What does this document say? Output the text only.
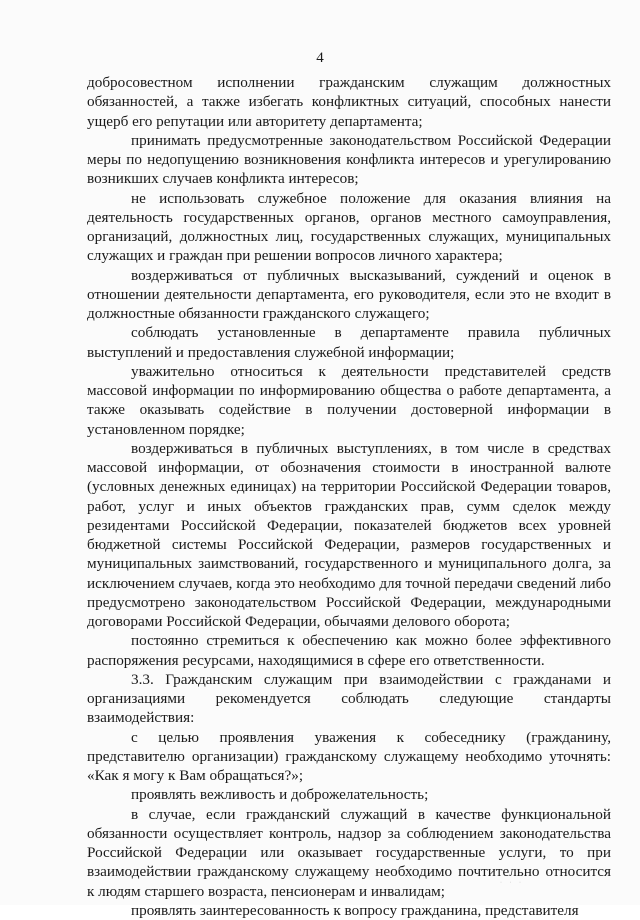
4

добросовестном исполнении гражданским служащим должностных обязанностей, а также избегать конфликтных ситуаций, способных нанести ущерб его репутации или авторитету департамента;

принимать предусмотренные законодательством Российской Федерации меры по недопущению возникновения конфликта интересов и урегулированию возникших случаев конфликта интересов;

не использовать служебное положение для оказания влияния на деятельность государственных органов, органов местного самоуправления, организаций, должностных лиц, государственных служащих, муниципальных служащих и граждан при решении вопросов личного характера;

воздерживаться от публичных высказываний, суждений и оценок в отношении деятельности департамента, его руководителя, если это не входит в должностные обязанности гражданского служащего;

соблюдать установленные в департаменте правила публичных выступлений и предоставления служебной информации;

уважительно относиться к деятельности представителей средств массовой информации по информированию общества о работе департамента, а также оказывать содействие в получении достоверной информации в установленном порядке;

воздерживаться в публичных выступлениях, в том числе в средствах массовой информации, от обозначения стоимости в иностранной валюте (условных денежных единицах) на территории Российской Федерации товаров, работ, услуг и иных объектов гражданских прав, сумм сделок между резидентами Российской Федерации, показателей бюджетов всех уровней бюджетной системы Российской Федерации, размеров государственных и муниципальных заимствований, государственного и муниципального долга, за исключением случаев, когда это необходимо для точной передачи сведений либо предусмотрено законодательством Российской Федерации, международными договорами Российской Федерации, обычаями делового оборота;

постоянно стремиться к обеспечению как можно более эффективного распоряжения ресурсами, находящимися в сфере его ответственности.

3.3. Гражданским служащим при взаимодействии с гражданами и организациями рекомендуется соблюдать следующие стандарты взаимодействия:

с целью проявления уважения к собеседнику (гражданину, представителю организации) гражданскому служащему необходимо уточнять: «Как я могу к Вам обращаться?»;

проявлять вежливость и доброжелательность;

в случае, если гражданский служащий в качестве функциональной обязанности осуществляет контроль, надзор за соблюдением законодательства Российской Федерации или оказывает государственные услуги, то при взаимодействии гражданскому служащему необходимо почтительно относится к людям старшего возраста, пенсионерам и инвалидам;

проявлять заинтересованность к вопросу гражданина, представителя

· · ·
